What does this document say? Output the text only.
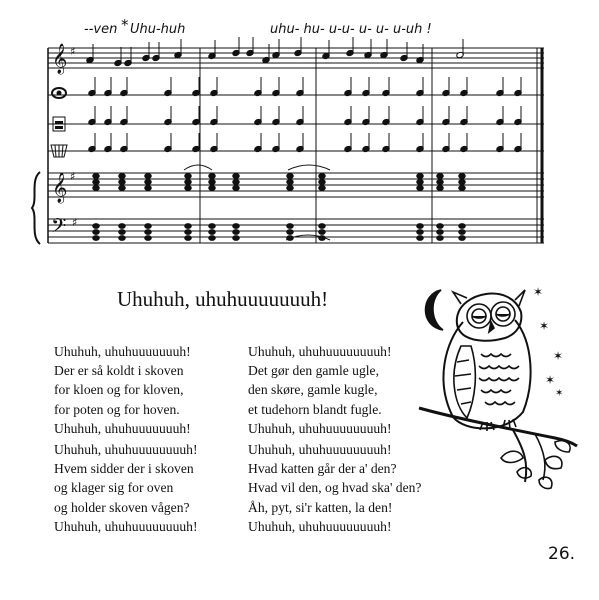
𝄞 ♯
𝄞 ♯
𝄢 ♯
--ven * Uhu-huh	uhu- hu- u-u- u- u- u-uh !
Uhuhuh, uhuhuuuuuuuh!
Uhuhuh, uhuhuuuuuuuh!
Der er så koldt i skoven
for kloen og for kloven,
for poten og for hoven.
Uhuhuh, uhuhuuuuuuuh!
Uhuhuh, uhuhuuuuuuuuh!
Hvem sidder der i skoven
og klager sig for oven
og holder skoven vågen?
Uhuhuh, uhuhuuuuuuuuh!
Uhuhuh, uhuhuuuuuuuuh!
Det gør den gamle ugle,
den skøre, gamle kugle,
et tudehorn blandt fugle.
Uhuhuh, uhuhuuuuuuuuh!
Uhuhuh, uhuhuuuuuuuuh!
Hvad katten går der a' den?
Hvad vil den, og hvad ska' den?
Åh, pyt, si'r katten, la den!
Uhuhuh, uhuhuuuuuuuuh!
✶
✶
✶
✶
✶
26.
